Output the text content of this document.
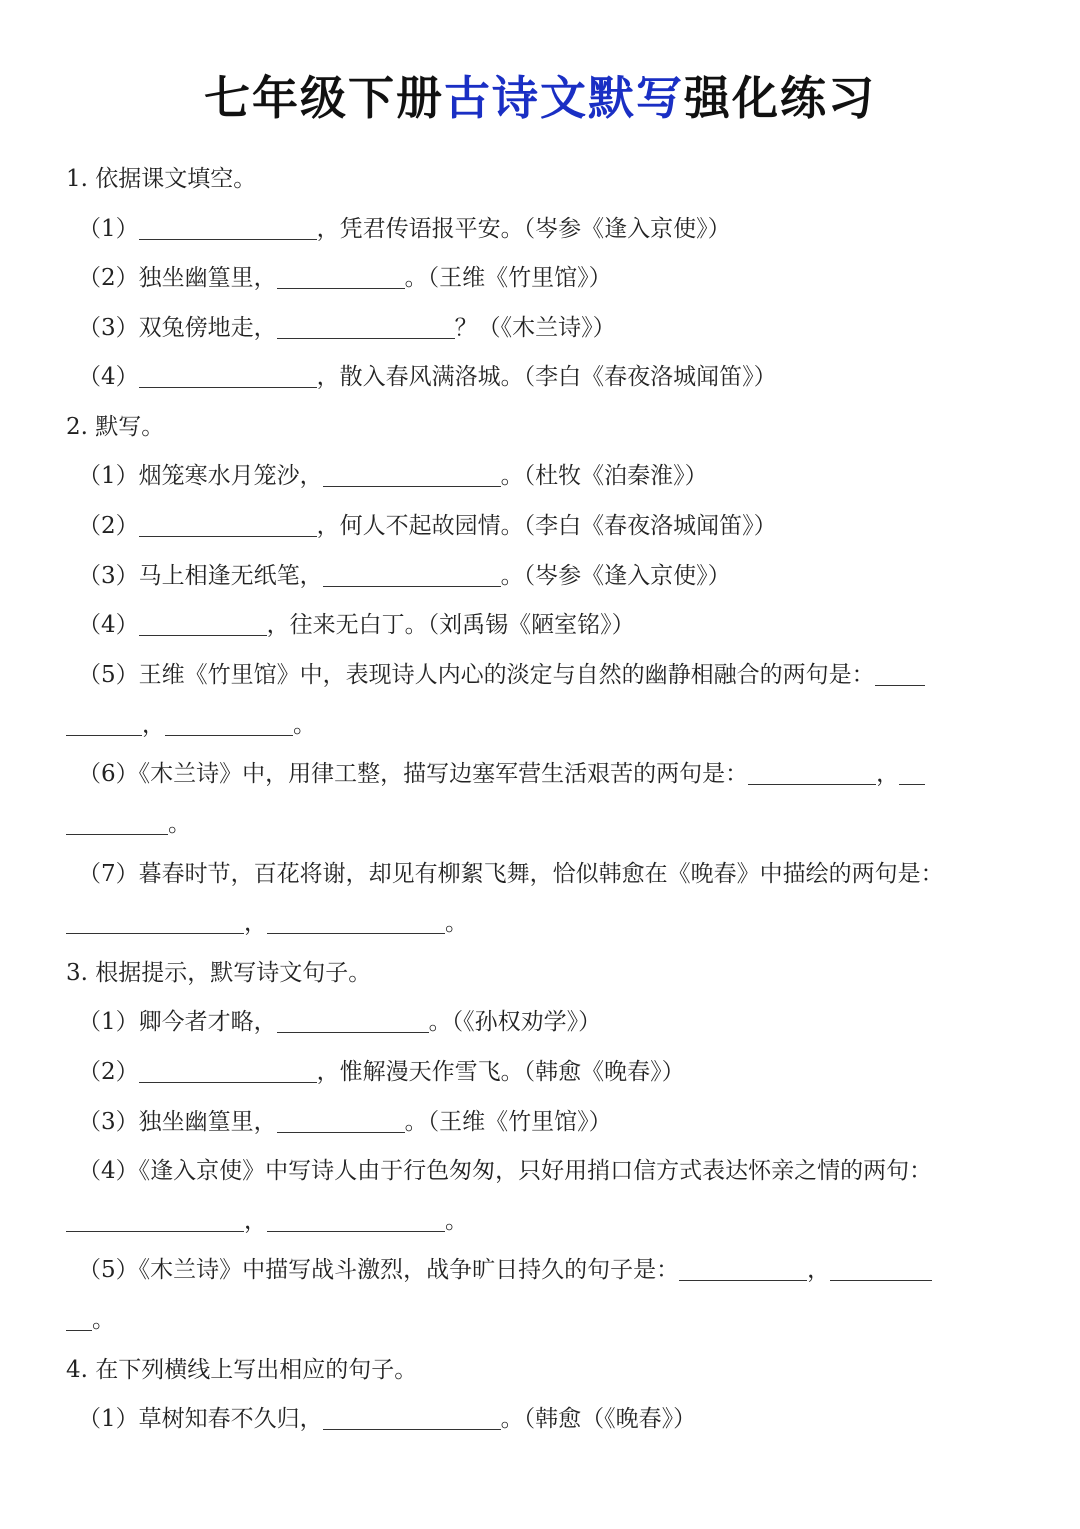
七年级下册古诗文默写强化练习
1. 依据课文填空。
（1）	，凭君传语报平安。（岑参《逢入京使》）
（2）独坐幽篁里，	。（王维《竹里馆》）
（3）双兔傍地走，	？（《木兰诗》）
（4）	，散入春风满洛城。（李白《春夜洛城闻笛》）
2. 默写。
（1）烟笼寒水月笼沙，	。（杜牧《泊秦淮》）
（2）	，何人不起故园情。（李白《春夜洛城闻笛》）
（3）马上相逢无纸笔，	。（岑参《逢入京使》）
（4）	，往来无白丁。（刘禹锡《陋室铭》）
（5）王维《竹里馆》中，表现诗人内心的淡定与自然的幽静相融合的两句是：
，	。
（6）《木兰诗》中，用律工整，描写边塞军营生活艰苦的两句是：	，
。
（7）暮春时节，百花将谢，却见有柳絮飞舞，恰似韩愈在《晚春》中描绘的两句是：
，	。
3. 根据提示，默写诗文句子。
（1）卿今者才略，	。（《孙权劝学》）
（2）	，惟解漫天作雪飞。（韩愈《晚春》）
（3）独坐幽篁里，	。（王维《竹里馆》）
（4）《逢入京使》中写诗人由于行色匆匆，只好用捎口信方式表达怀亲之情的两句：
，	。
（5）《木兰诗》中描写战斗激烈，战争旷日持久的句子是：	，
。
4. 在下列横线上写出相应的句子。
（1）草树知春不久归，	。（韩愈（《晚春》）
